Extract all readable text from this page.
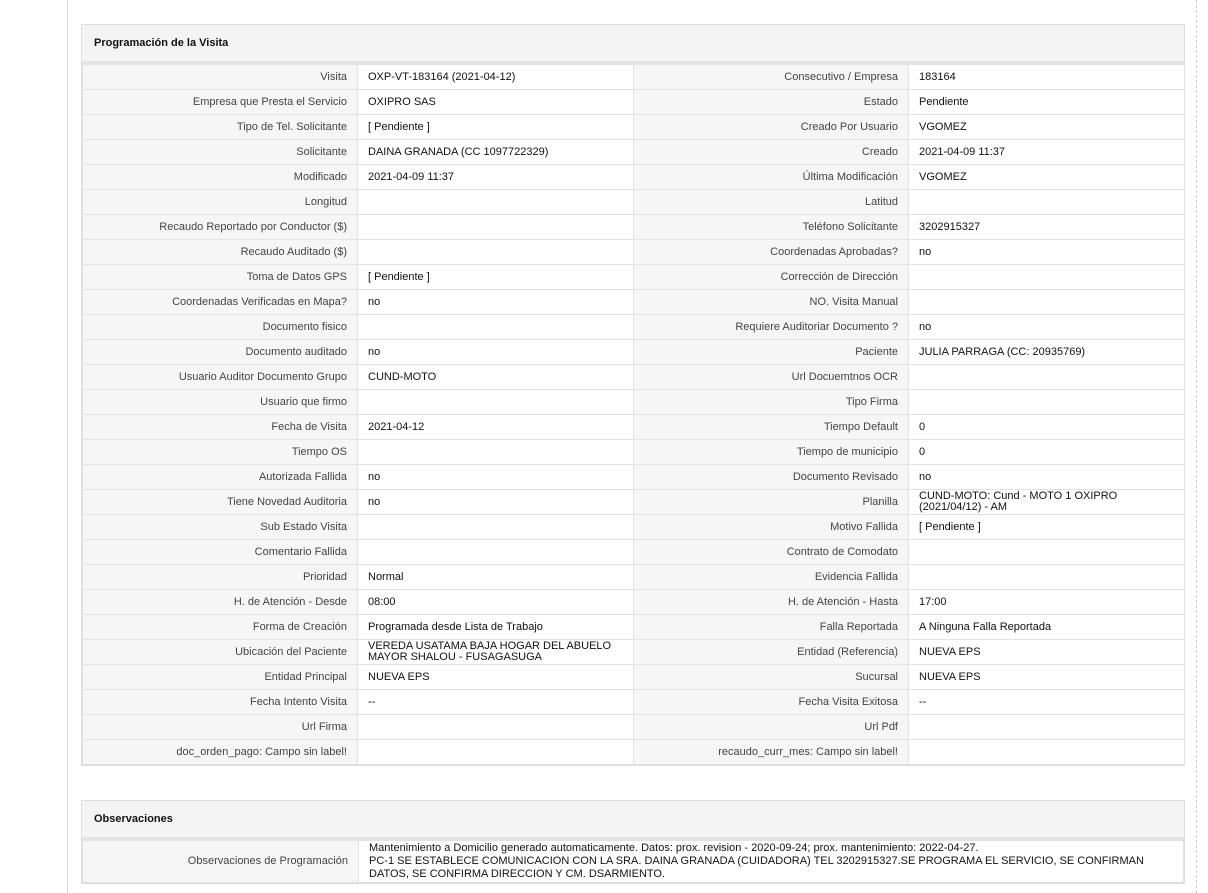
Programación de la Visita
Visita	OXP-VT-183164 (2021-04-12)	Consecutivo / Empresa	183164
Empresa que Presta el Servicio	OXIPRO SAS	Estado	Pendiente
Tipo de Tel. Solicitante	[ Pendiente ]	Creado Por Usuario	VGOMEZ
Solicitante	DAINA GRANADA (CC 1097722329)	Creado	2021-04-09 11:37
Modificado	2021-04-09 11:37	Última Modificación	VGOMEZ
Longitud		Latitud	
Recaudo Reportado por Conductor ($)		Teléfono Solicitante	3202915327
Recaudo Auditado ($)		Coordenadas Aprobadas?	no
Toma de Datos GPS	[ Pendiente ]	Corrección de Dirección	
Coordenadas Verificadas en Mapa?	no	NO. Visita Manual	
Documento fisico		Requiere Auditoriar Documento ?	no
Documento auditado	no	Paciente	JULIA PARRAGA (CC: 20935769)
Usuario Auditor Documento Grupo	CUND-MOTO	Url Docuemtnos OCR	
Usuario que firmo		Tipo Firma	
Fecha de Visita	2021-04-12	Tiempo Default	0
Tiempo OS		Tiempo de municipio	0
Autorizada Fallida	no	Documento Revisado	no
Tiene Novedad Auditoria	no	Planilla	CUND-MOTO: Cund - MOTO 1 OXIPRO (2021/04/12) - AM
Sub Estado Visita		Motivo Fallida	[ Pendiente ]
Comentario Fallida		Contrato de Comodato	
Prioridad	Normal	Evidencia Fallida	
H. de Atención - Desde	08:00	H. de Atención - Hasta	17:00
Forma de Creación	Programada desde Lista de Trabajo	Falla Reportada	A Ninguna Falla Reportada
Ubicación del Paciente	VEREDA USATAMA BAJA HOGAR DEL ABUELO MAYOR SHALOU - FUSAGASUGA	Entidad (Referencia)	NUEVA EPS
Entidad Principal	NUEVA EPS	Sucursal	NUEVA EPS
Fecha Intento Visita	--	Fecha Visita Exitosa	--
Url Firma		Url Pdf	
doc_orden_pago: Campo sin label!		recaudo_curr_mes: Campo sin label!	
Observaciones
Observaciones de Programación	Mantenimiento a Domicilio generado automaticamente. Datos: prox. revision - 2020-09-24; prox. mantenimiento: 2022-04-27.
PC-1 SE ESTABLECE COMUNICACION CON LA SRA. DAINA GRANADA (CUIDADORA) TEL 3202915327.SE PROGRAMA EL SERVICIO, SE CONFIRMAN DATOS, SE CONFIRMA DIRECCION Y CM. DSARMIENTO.
